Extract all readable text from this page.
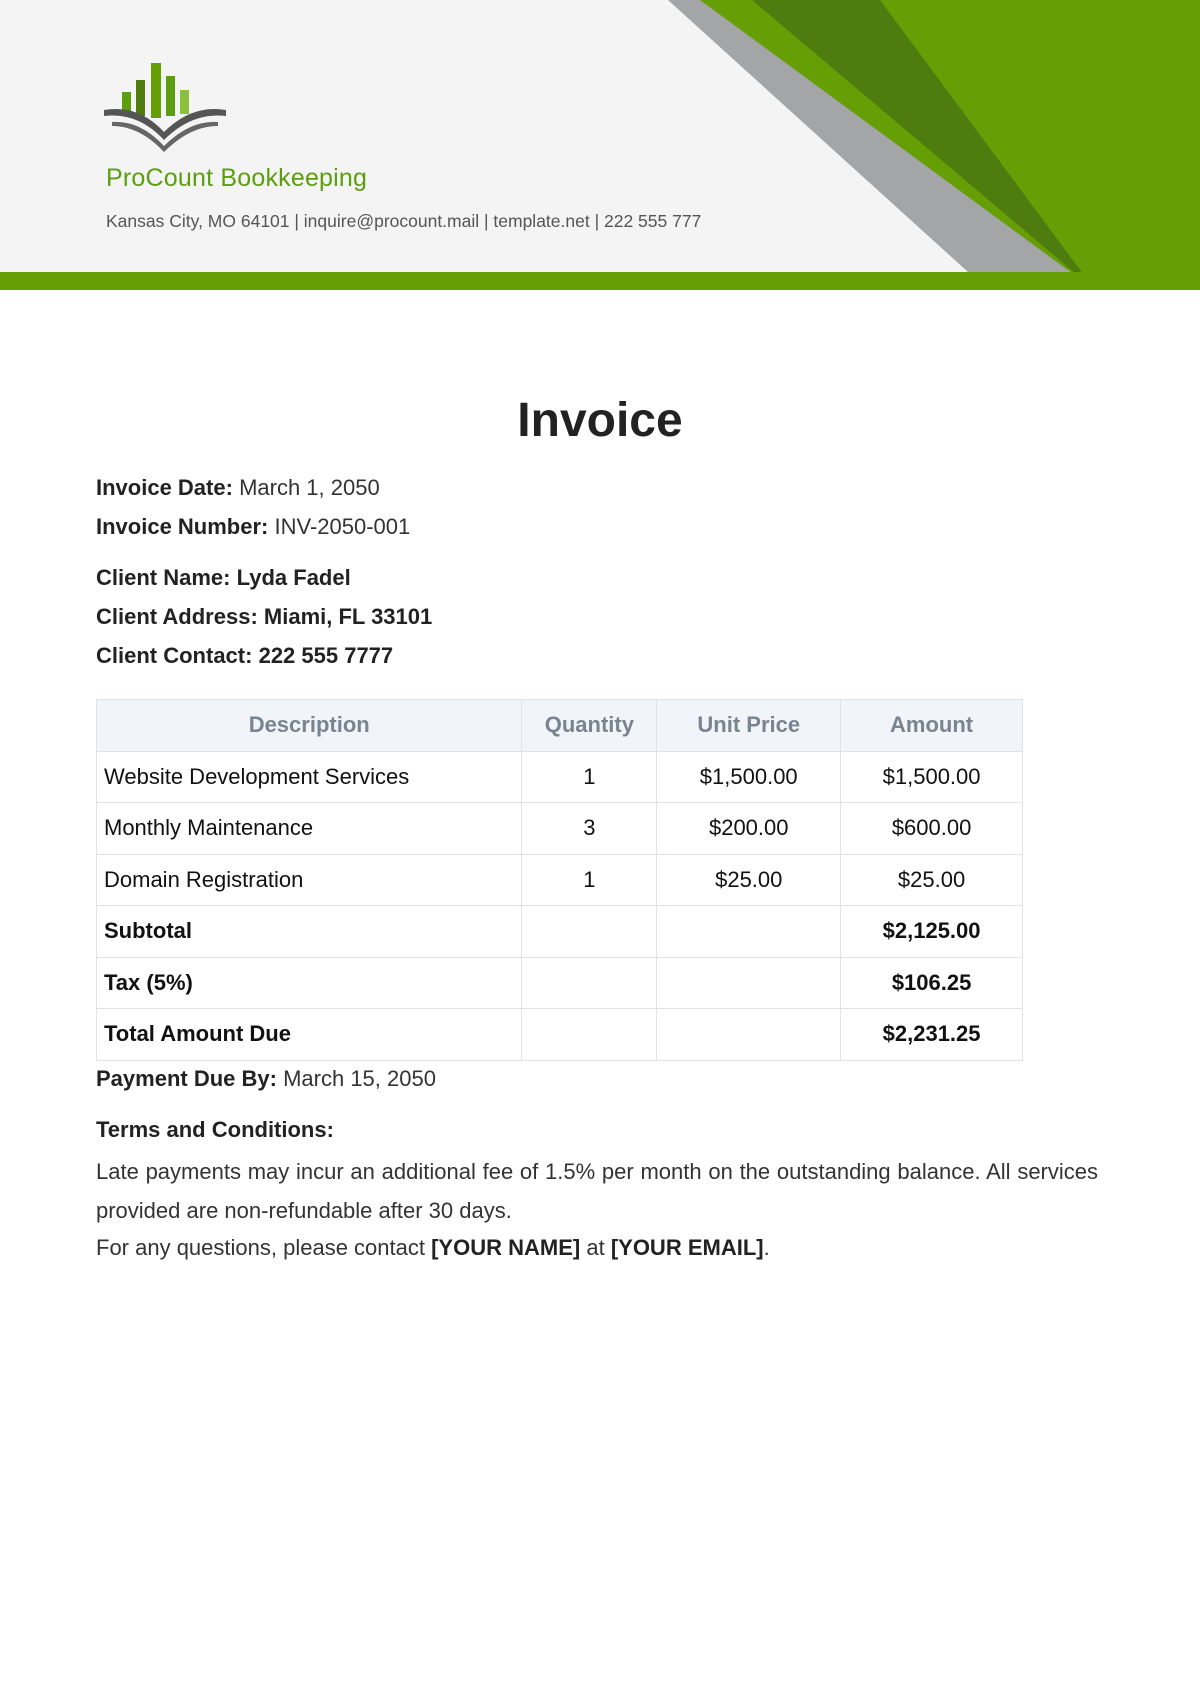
ProCount Bookkeeping
Kansas City, MO 64101 | inquire@procount.mail | template.net | 222 555 777
Invoice
Invoice Date: March 1, 2050
Invoice Number: INV-2050-001
Client Name: Lyda Fadel
Client Address: Miami, FL 33101
Client Contact: 222 555 7777
Description	Quantity	Unit Price	Amount
Website Development Services	1	$1,500.00	$1,500.00
Monthly Maintenance	3	$200.00	$600.00
Domain Registration	1	$25.00	$25.00
Subtotal			$2,125.00
Tax (5%)			$106.25
Total Amount Due			$2,231.25
Payment Due By: March 15, 2050
Terms and Conditions:
Late payments may incur an additional fee of 1.5% per month on the outstanding balance. All services provided are non-refundable after 30 days.
For any questions, please contact [YOUR NAME] at [YOUR EMAIL].
